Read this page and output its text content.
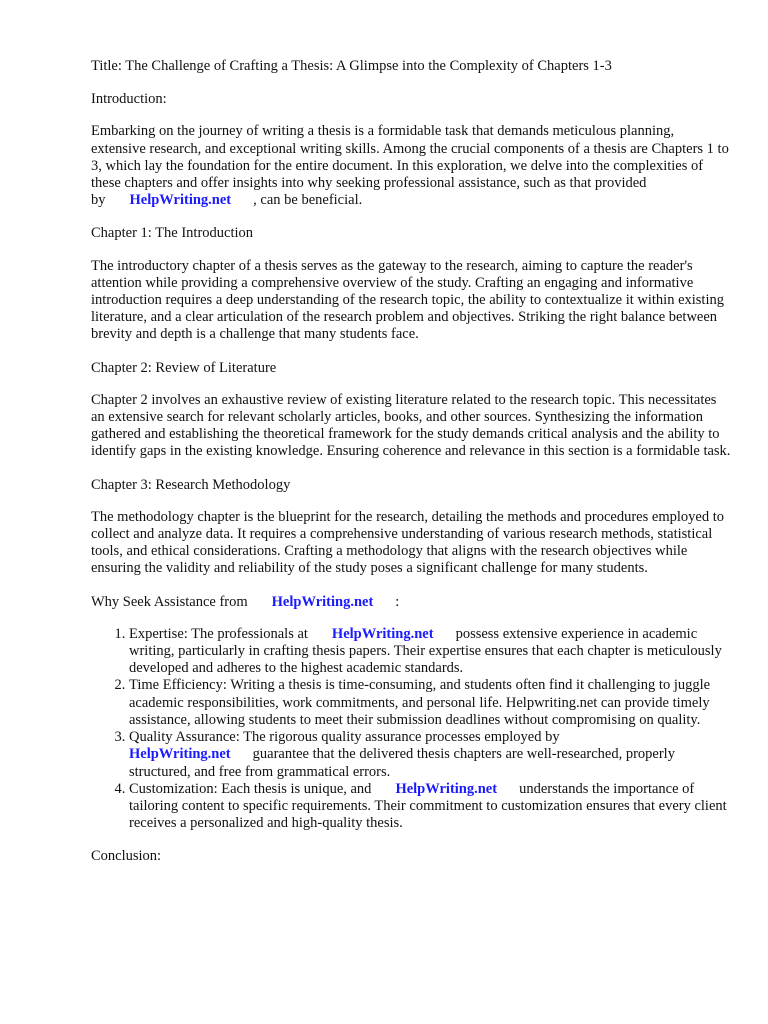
Title: The Challenge of Crafting a Thesis: A Glimpse into the Complexity of Chapters 1-3

Introduction:

Embarking on the journey of writing a thesis is a formidable task that demands meticulous planning, extensive research, and exceptional writing skills. Among the crucial components of a thesis are Chapters 1 to 3, which lay the foundation for the entire document. In this exploration, we delve into the complexities of these chapters and offer insights into why seeking professional assistance, such as that provided by HelpWriting.net , can be beneficial.

Chapter 1: The Introduction

The introductory chapter of a thesis serves as the gateway to the research, aiming to capture the reader's attention while providing a comprehensive overview of the study. Crafting an engaging and informative introduction requires a deep understanding of the research topic, the ability to contextualize it within existing literature, and a clear articulation of the research problem and objectives. Striking the right balance between brevity and depth is a challenge that many students face.

Chapter 2: Review of Literature

Chapter 2 involves an exhaustive review of existing literature related to the research topic. This necessitates an extensive search for relevant scholarly articles, books, and other sources. Synthesizing the information gathered and establishing the theoretical framework for the study demands critical analysis and the ability to identify gaps in the existing knowledge. Ensuring coherence and relevance in this section is a formidable task.

Chapter 3: Research Methodology

The methodology chapter is the blueprint for the research, detailing the methods and procedures employed to collect and analyze data. It requires a comprehensive understanding of various research methods, statistical tools, and ethical considerations. Crafting a methodology that aligns with the research objectives while ensuring the validity and reliability of the study poses a significant challenge for many students.

Why Seek Assistance from HelpWriting.net :

1. Expertise: The professionals at HelpWriting.net possess extensive experience in academic writing, particularly in crafting thesis papers. Their expertise ensures that each chapter is meticulously developed and adheres to the highest academic standards.
2. Time Efficiency: Writing a thesis is time-consuming, and students often find it challenging to juggle academic responsibilities, work commitments, and personal life. Helpwriting.net can provide timely assistance, allowing students to meet their submission deadlines without compromising on quality.
3. Quality Assurance: The rigorous quality assurance processes employed by HelpWriting.net guarantee that the delivered thesis chapters are well-researched, properly structured, and free from grammatical errors.
4. Customization: Each thesis is unique, and HelpWriting.net understands the importance of tailoring content to specific requirements. Their commitment to customization ensures that every client receives a personalized and high-quality thesis.

Conclusion:
